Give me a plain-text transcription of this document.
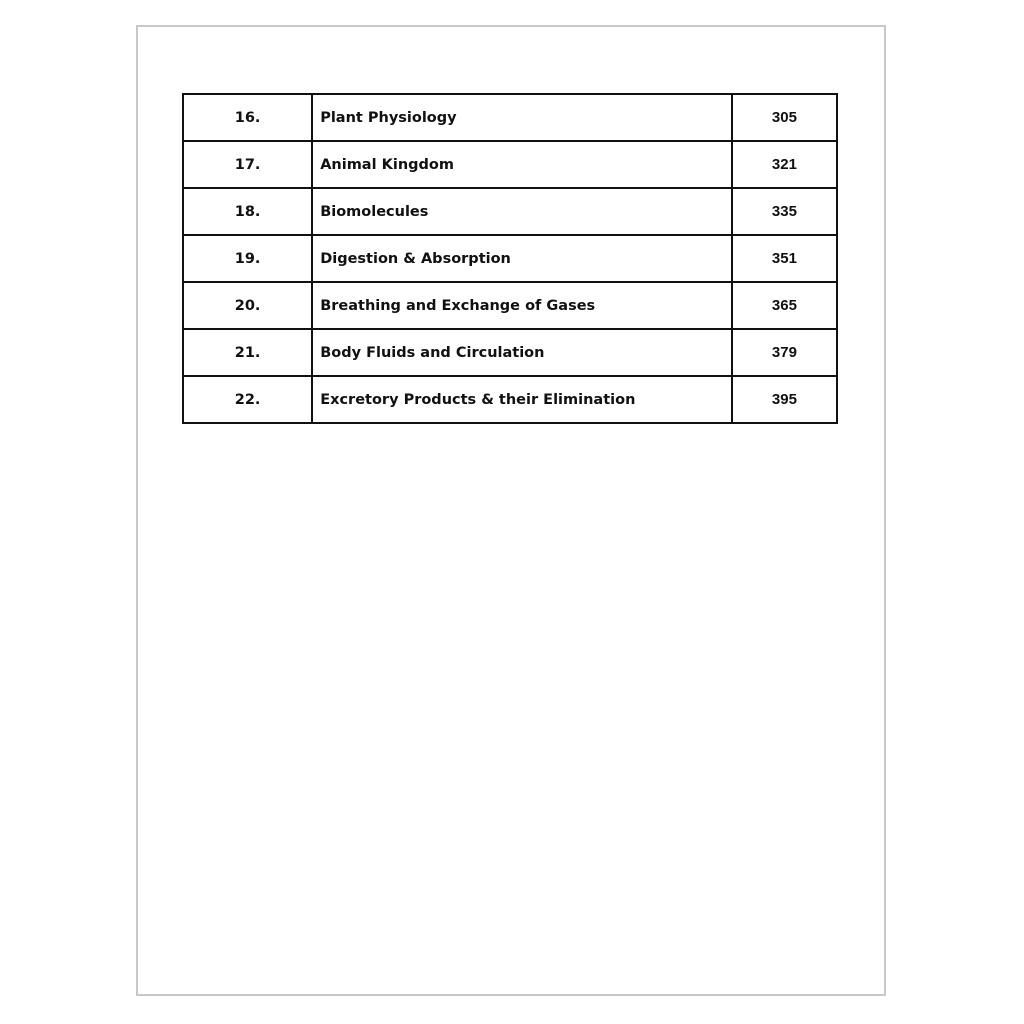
16.	Plant Physiology	305
17.	Animal Kingdom	321
18.	Biomolecules	335
19.	Digestion & Absorption	351
20.	Breathing and Exchange of Gases	365
21.	Body Fluids and Circulation	379
22.	Excretory Products & their Elimination	395
